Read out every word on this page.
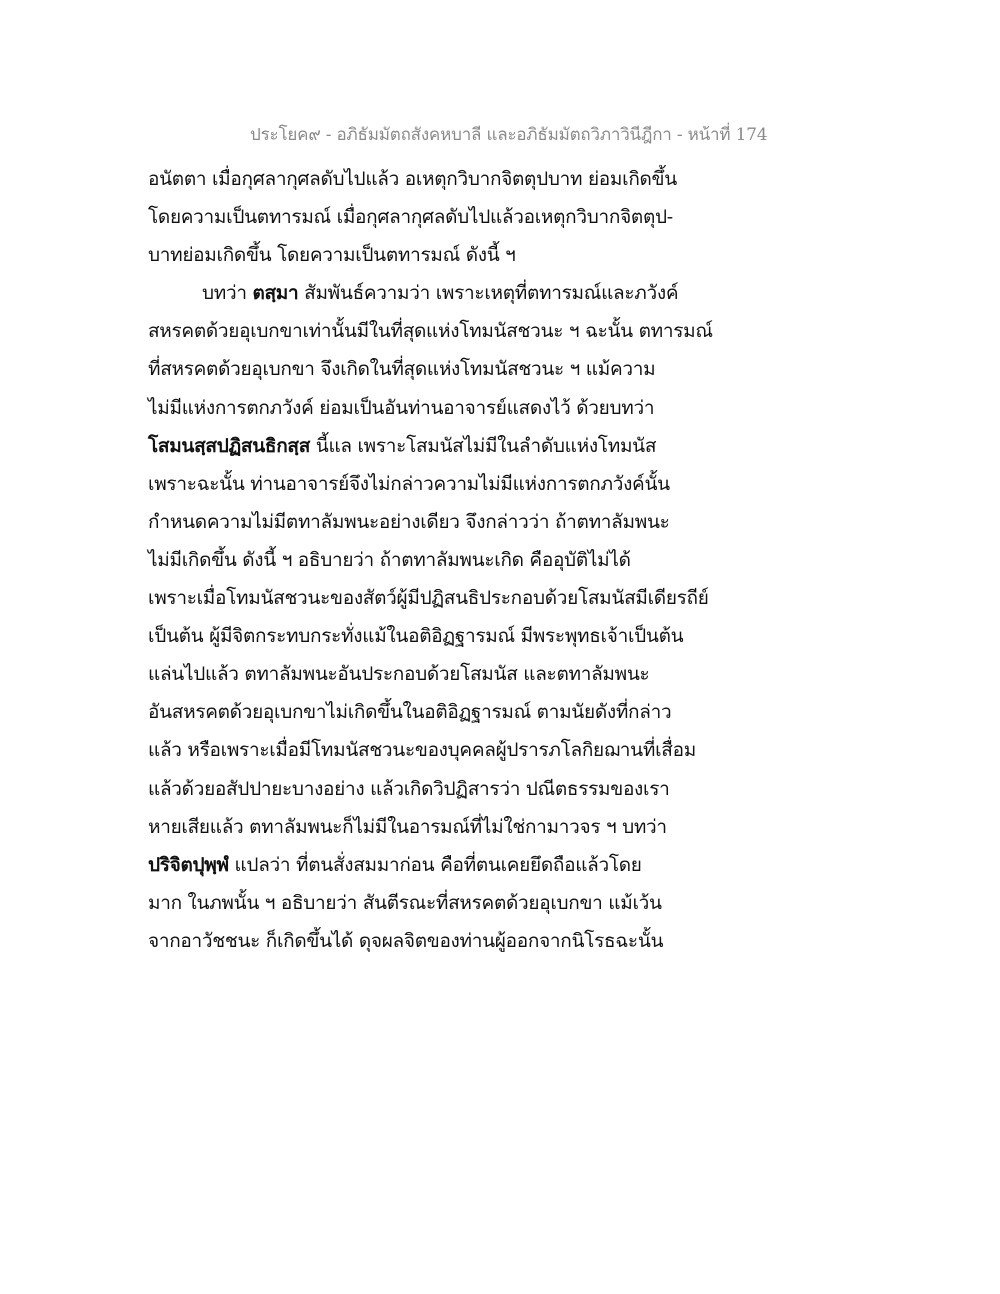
ประโยค๙ - อภิธัมมัตถสังคหบาลี และอภิธัมมัตถวิภาวินีฎีกา - หน้าที่ 174
อนัตตา เมื่อกุศลากุศลดับไปแล้ว อเหตุกวิบากจิตตุปบาท ย่อมเกิดขึ้น
โดยความเป็นตทารมณ์ เมื่อกุศลากุศลดับไปแล้วอเหตุกวิบากจิตตุป-
บาทย่อมเกิดขึ้น โดยความเป็นตทารมณ์ ดังนี้ ฯ
บทว่า ตสฺมา สัมพันธ์ความว่า เพราะเหตุที่ตทารมณ์และภวังค์
สหรคตด้วยอุเบกขาเท่านั้นมีในที่สุดแห่งโทมนัสชวนะ ฯ ฉะนั้น ตทารมณ์
ที่สหรคตด้วยอุเบกขา จึงเกิดในที่สุดแห่งโทมนัสชวนะ ฯ แม้ความ
ไม่มีแห่งการตกภวังค์ ย่อมเป็นอันท่านอาจารย์แสดงไว้ ด้วยบทว่า
โสมนสฺสปฏิสนธิกสฺส นี้แล เพราะโสมนัสไม่มีในลำดับแห่งโทมนัส
เพราะฉะนั้น ท่านอาจารย์จึงไม่กล่าวความไม่มีแห่งการตกภวังค์นั้น
กำหนดความไม่มีตทาลัมพนะอย่างเดียว จึงกล่าวว่า ถ้าตทาลัมพนะ
ไม่มีเกิดขึ้น ดังนี้ ฯ อธิบายว่า ถ้าตทาลัมพนะเกิด คืออุบัติไม่ได้
เพราะเมื่อโทมนัสชวนะของสัตว์ผู้มีปฏิสนธิประกอบด้วยโสมนัสมีเดียรถีย์
เป็นต้น ผู้มีจิตกระทบกระทั่งแม้ในอติอิฏฐารมณ์ มีพระพุทธเจ้าเป็นต้น
แล่นไปแล้ว ตทาลัมพนะอันประกอบด้วยโสมนัส และตทาลัมพนะ
อันสหรคตด้วยอุเบกขาไม่เกิดขึ้นในอติอิฏฐารมณ์ ตามนัยดังที่กล่าว
แล้ว หรือเพราะเมื่อมีโทมนัสชวนะของบุคคลผู้ปรารภโลกิยฌานที่เสื่อม
แล้วด้วยอสัปปายะบางอย่าง แล้วเกิดวิปฏิสารว่า ปณีตธรรมของเรา
หายเสียแล้ว ตทาลัมพนะก็ไม่มีในอารมณ์ที่ไม่ใช่กามาวจร ฯ บทว่า
ปริจิตปุพฺพํ แปลว่า ที่ตนสั่งสมมาก่อน คือที่ตนเคยยึดถือแล้วโดย
มาก ในภพนั้น ฯ อธิบายว่า สันตีรณะที่สหรคตด้วยอุเบกขา แม้เว้น
จากอาวัชชนะ ก็เกิดขึ้นได้ ดุจผลจิตของท่านผู้ออกจากนิโรธฉะนั้น
